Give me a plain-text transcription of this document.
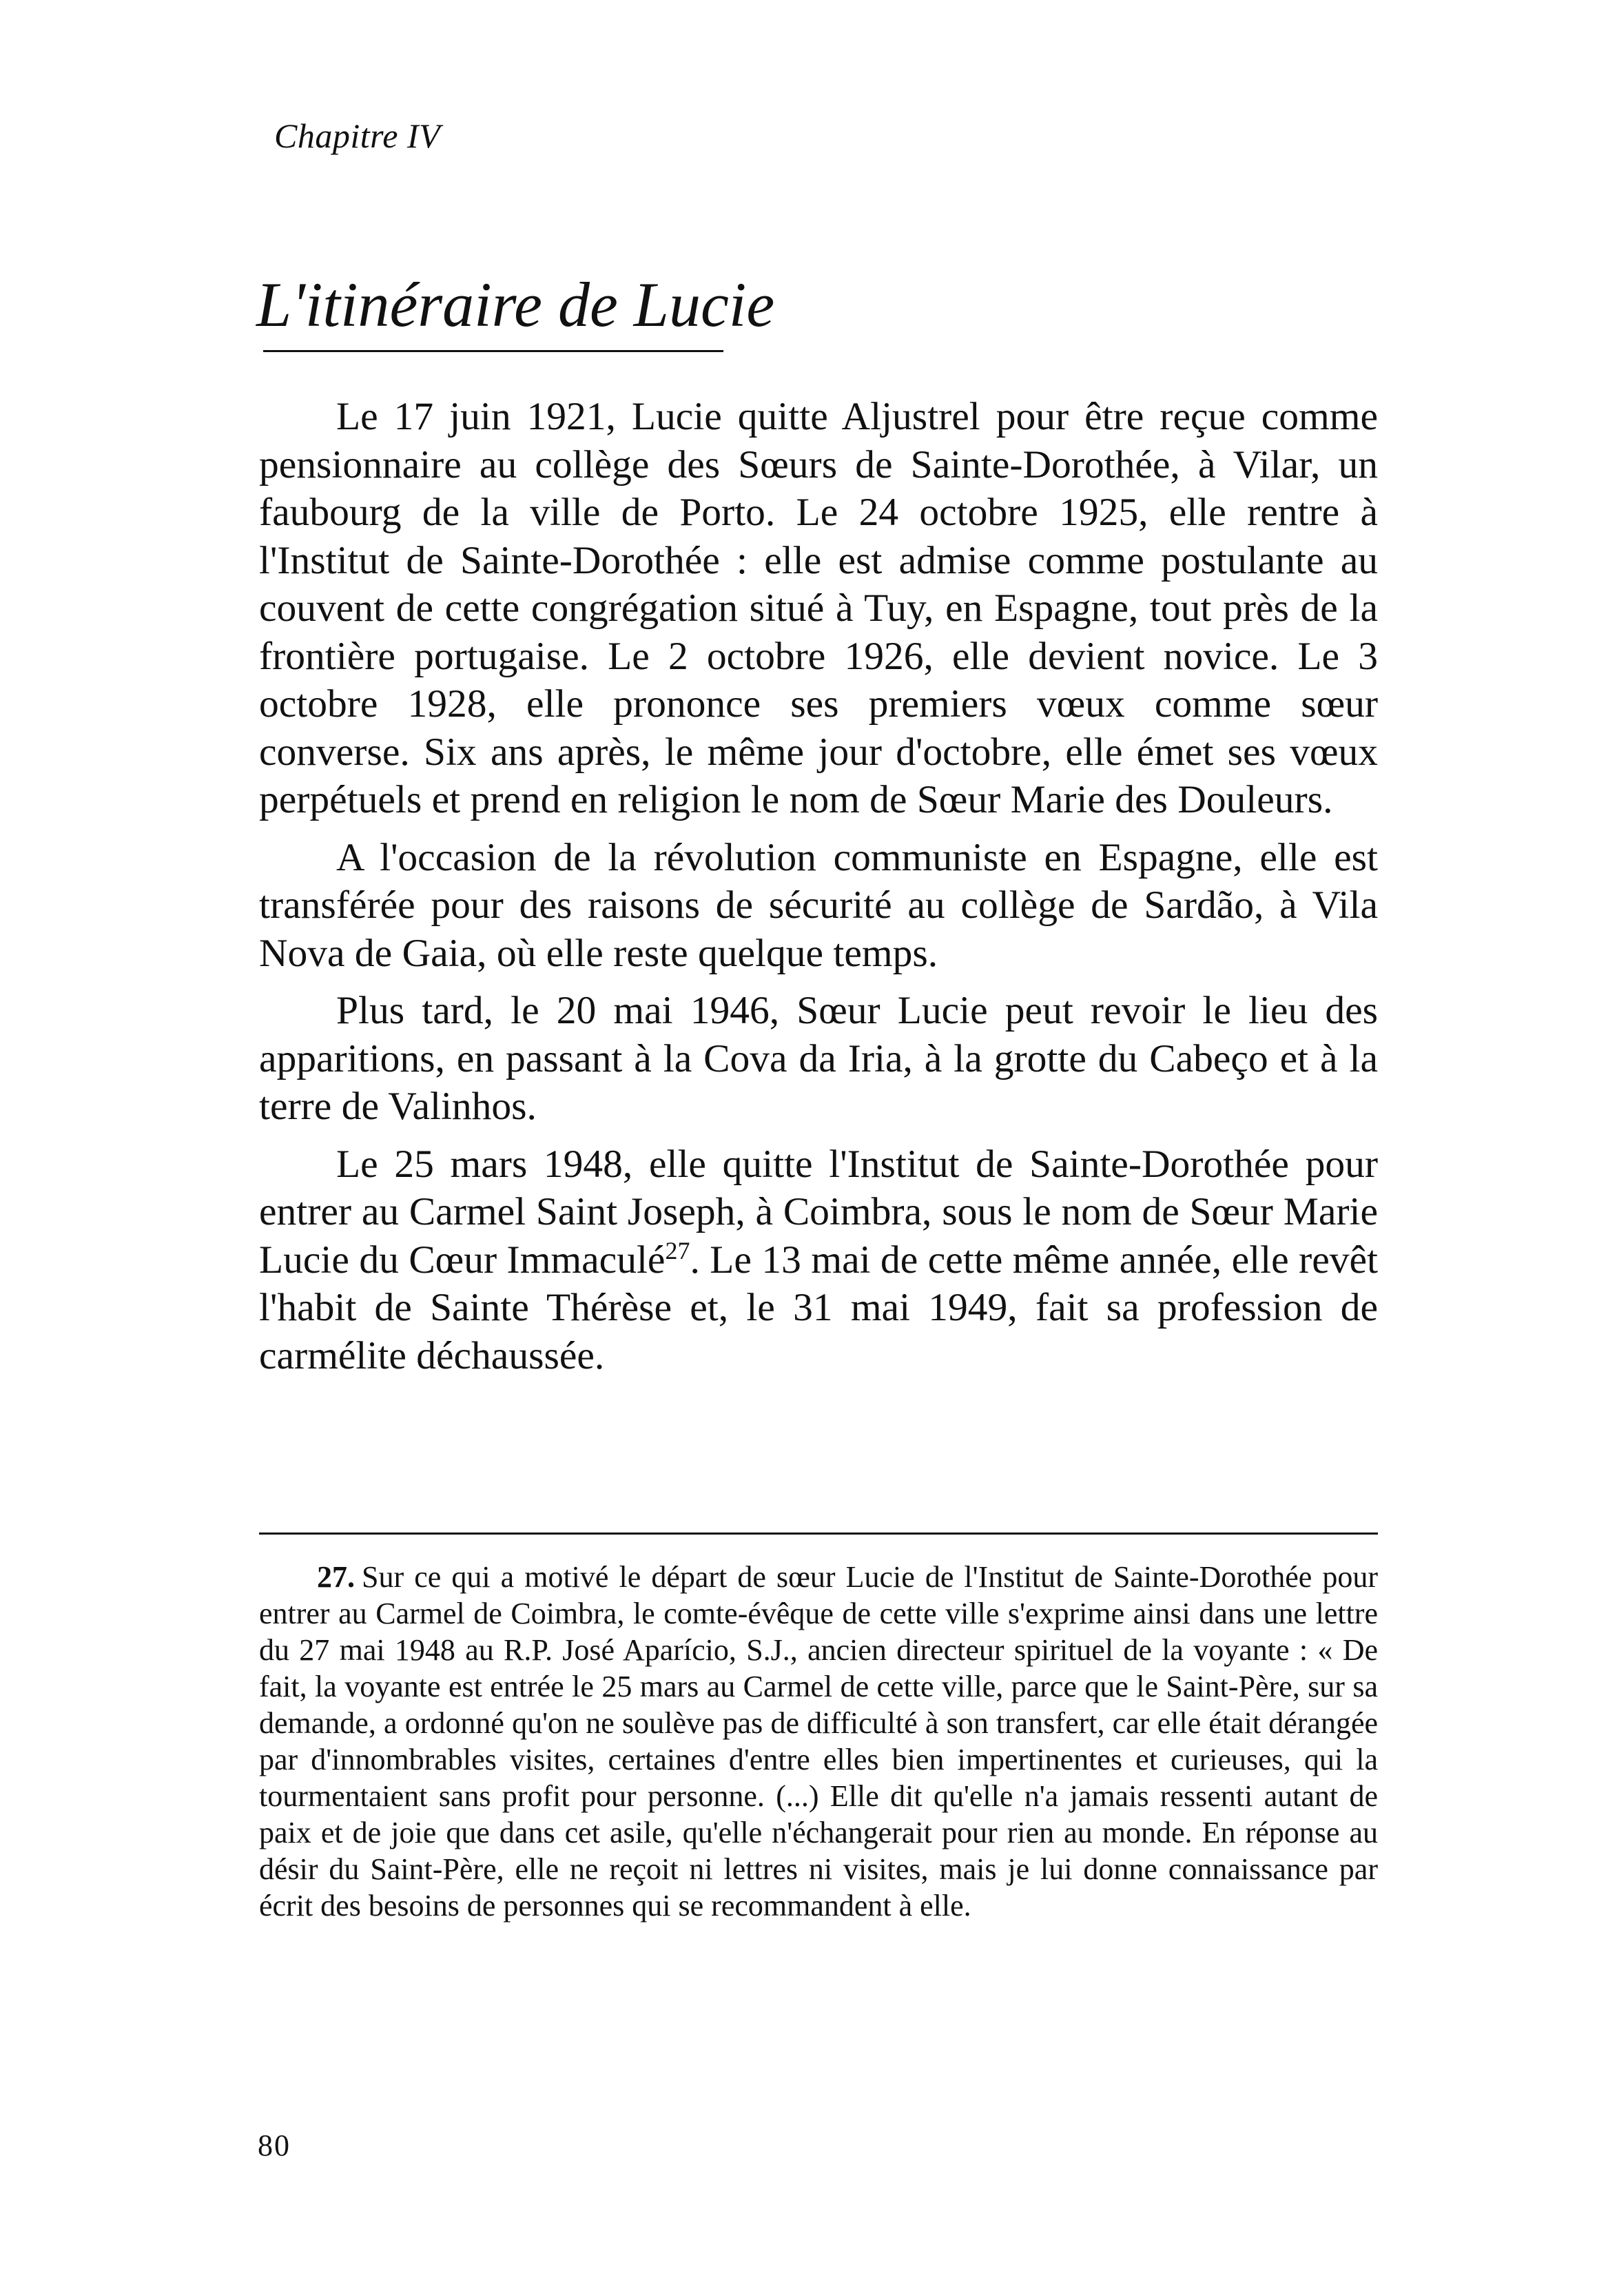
Chapitre IV
L'itinéraire de Lucie

Le 17 juin 1921, Lucie quitte Aljustrel pour être reçue comme pensionnaire au collège des Sœurs de Sainte-Dorothée, à Vilar, un faubourg de la ville de Porto. Le 24 octobre 1925, elle rentre à l'Institut de Sainte-Dorothée : elle est admise comme postulante au couvent de cette congrégation situé à Tuy, en Espagne, tout près de la frontière portugaise. Le 2 octobre 1926, elle devient novice. Le 3 octobre 1928, elle prononce ses premiers vœux comme sœur converse. Six ans après, le même jour d'octobre, elle émet ses vœux perpétuels et prend en religion le nom de Sœur Marie des Douleurs.

A l'occasion de la révolution communiste en Espagne, elle est transférée pour des raisons de sécurité au collège de Sardão, à Vila Nova de Gaia, où elle reste quelque temps.

Plus tard, le 20 mai 1946, Sœur Lucie peut revoir le lieu des apparitions, en passant à la Cova da Iria, à la grotte du Cabeço et à la terre de Valinhos.

Le 25 mars 1948, elle quitte l'Institut de Sainte-Dorothée pour entrer au Carmel Saint Joseph, à Coimbra, sous le nom de Sœur Marie Lucie du Cœur Immaculé$^{27}$. Le 13 mai de cette même année, elle revêt l'habit de Sainte Thérèse et, le 31 mai 1949, fait sa profession de carmélite déchaussée.

27. Sur ce qui a motivé le départ de sœur Lucie de l'Institut de Sainte-Dorothée pour entrer au Carmel de Coimbra, le comte-évêque de cette ville s'exprime ainsi dans une lettre du 27 mai 1948 au R.P. José Aparício, S.J., ancien directeur spirituel de la voyante : « De fait, la voyante est entrée le 25 mars au Carmel de cette ville, parce que le Saint-Père, sur sa demande, a ordonné qu'on ne soulève pas de difficulté à son transfert, car elle était dérangée par d'innombrables visites, certaines d'entre elles bien impertinentes et curieuses, qui la tourmentaient sans profit pour personne. (...) Elle dit qu'elle n'a jamais ressenti autant de paix et de joie que dans cet asile, qu'elle n'échangerait pour rien au monde. En réponse au désir du Saint-Père, elle ne reçoit ni lettres ni visites, mais je lui donne connaissance par écrit des besoins de personnes qui se recommandent à elle.

80
